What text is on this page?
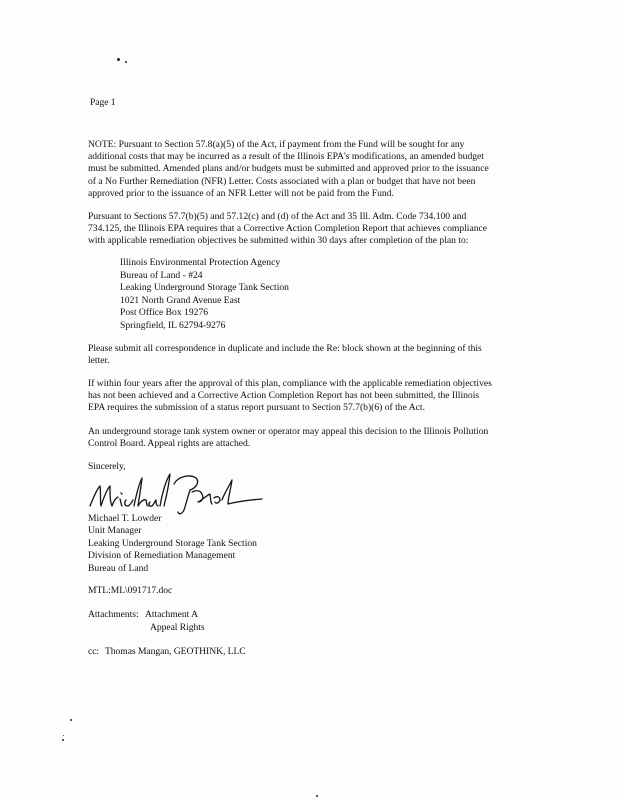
Page 1
NOTE: Pursuant to Section 57.8(a)(5) of the Act, if payment from the Fund will be sought for any
additional costs that may be incurred as a result of the Illinois EPA's modifications, an amended budget
must be submitted. Amended plans and/or budgets must be submitted and approved prior to the issuance
of a No Further Remediation (NFR) Letter. Costs associated with a plan or budget that have not been
approved prior to the issuance of an NFR Letter will not be paid from the Fund.
Pursuant to Sections 57.7(b)(5) and 57.12(c) and (d) of the Act and 35 Ill. Adm. Code 734.100 and
734.125, the Illinois EPA requires that a Corrective Action Completion Report that achieves compliance
with applicable remediation objectives be submitted within 30 days after completion of the plan to:
Illinois Environmental Protection Agency
Bureau of Land - #24
Leaking Underground Storage Tank Section
1021 North Grand Avenue East
Post Office Box 19276
Springfield, IL 62794-9276
Please submit all correspondence in duplicate and include the Re: block shown at the beginning of this
letter.
If within four years after the approval of this plan, compliance with the applicable remediation objectives
has not been achieved and a Corrective Action Completion Report has not been submitted, the Illinois
EPA requires the submission of a status report pursuant to Section 57.7(b)(6) of the Act.
An underground storage tank system owner or operator may appeal this decision to the Illinois Pollution
Control Board. Appeal rights are attached.
Sincerely,
Michael T. Lowder
Unit Manager
Leaking Underground Storage Tank Section
Division of Remediation Management
Bureau of Land
MTL:ML\091717.doc
Attachments: Attachment A
Appeal Rights
cc: Thomas Mangan, GEOTHINK, LLC
